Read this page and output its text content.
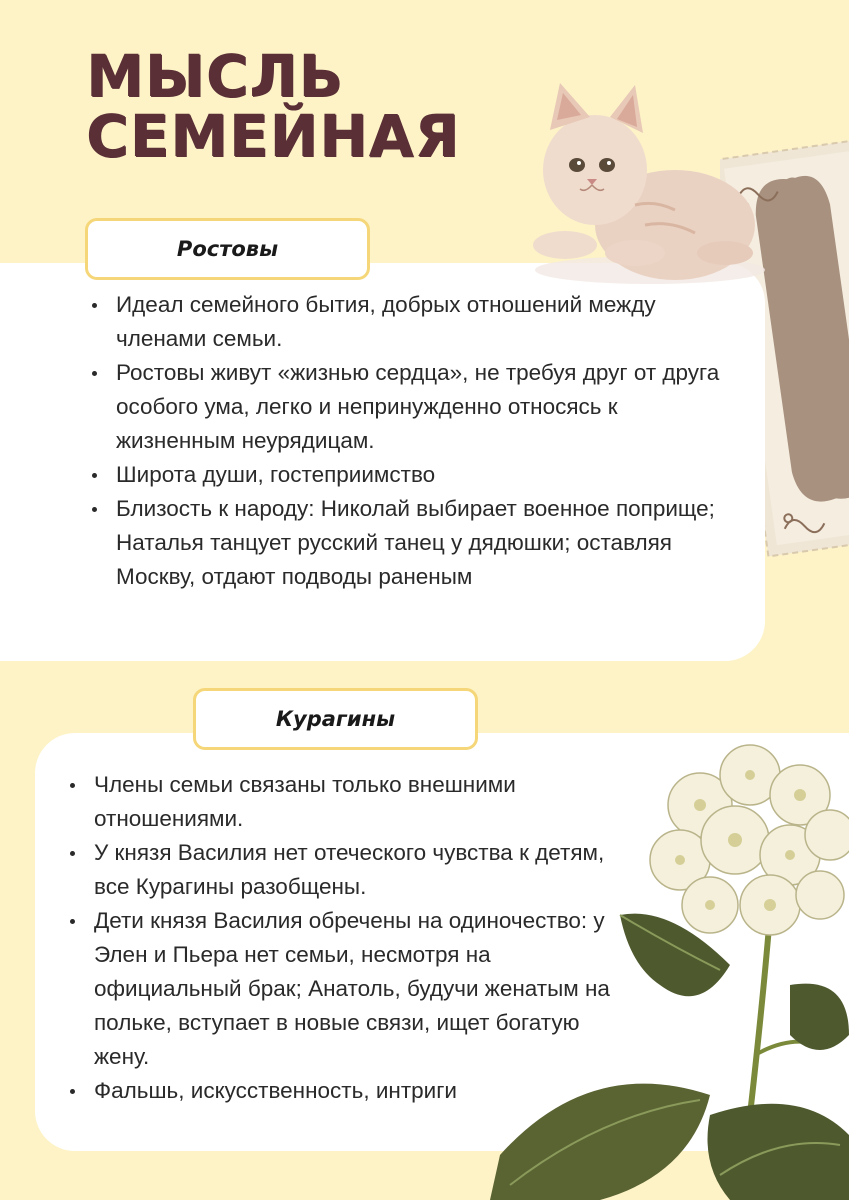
МЫСЛЬ
СЕМЕЙНАЯ
Ростовы
Идеал семейного бытия, добрых отношений между членами семьи.
Ростовы живут «жизнью сердца», не требуя друг от друга особого ума, легко и непринужденно относясь к жизненным неурядицам.
Широта души, гостеприимство
Близость к народу: Николай выбирает военное поприще; Наталья танцует русский танец у дядюшки; оставляя Москву, отдают подводы раненым
Курагины
Члены семьи связаны только внешними отношениями.
У князя Василия нет отеческого чувства к детям, все Курагины разобщены.
Дети князя Василия обречены на одиночество: у Элен и Пьера нет семьи, несмотря на официальный брак; Анатоль, будучи женатым на польке, вступает в новые связи, ищет богатую жену.
Фальшь, искусственность, интриги
